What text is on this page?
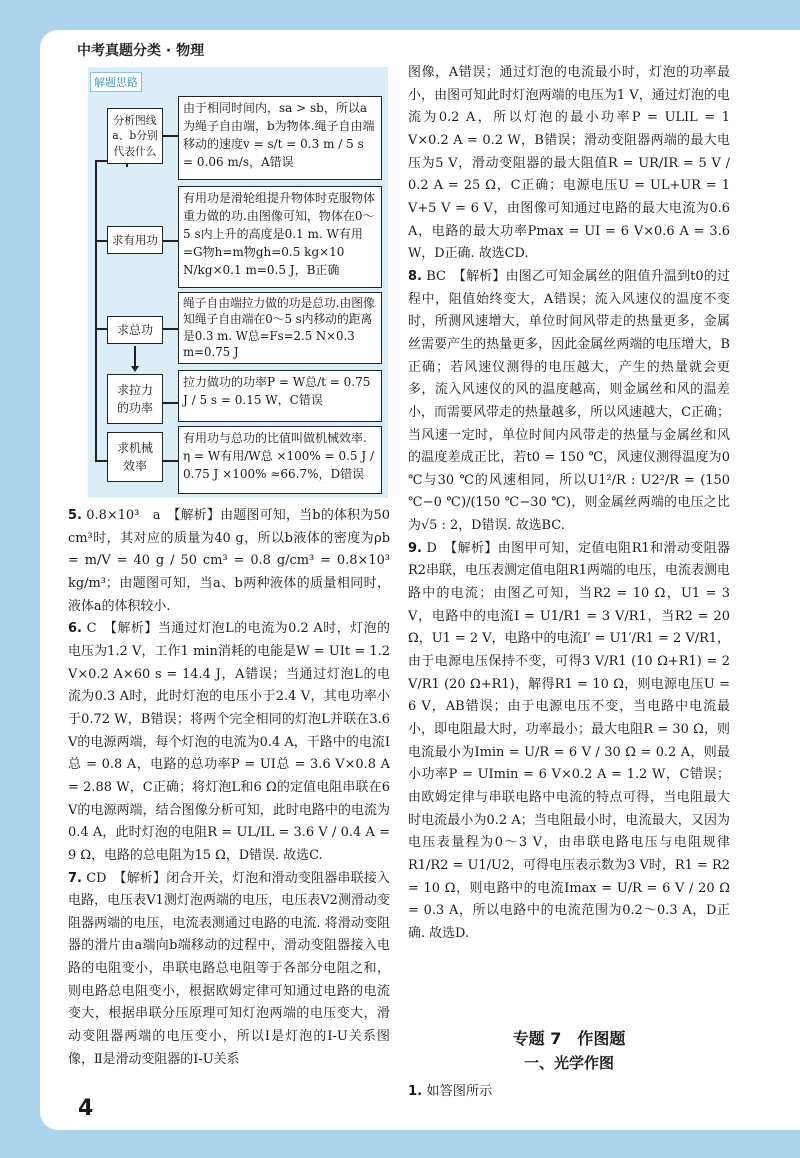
中考真题分类 · 物理
解题思路
分析图线a、b分别代表什么
由于相同时间内，sa > sb，所以a为绳子自由端，b为物体.绳子自由端移动的速度v = s/t = 0.3 m / 5 s = 0.06 m/s，A错误
求有用功
有用功是滑轮组提升物体时克服物体重力做的功.由图像可知，物体在0～5 s内上升的高度是0.1 m. W有用=G物h=m物gh=0.5 kg×10 N/kg×0.1 m=0.5 J，B正确
求总功
绳子自由端拉力做的功是总功.由图像知绳子自由端在0～5 s内移动的距离是0.3 m. W总=Fs=2.5 N×0.3 m=0.75 J
求拉力的功率
拉力做功的功率P = W总/t = 0.75 J / 5 s = 0.15 W，C错误
求机械效率
有用功与总功的比值叫做机械效率. η = W有用/W总 ×100% = 0.5 J / 0.75 J ×100% ≈66.7%，D错误

5. 0.8×10³　a　【解析】由题图可知，当b的体积为50 cm³时，其对应的质量为40 g，所以b液体的密度为ρb = m/V = 40 g / 50 cm³ = 0.8 g/cm³ = 0.8×10³ kg/m³；由题图可知，当a、b两种液体的质量相同时，液体a的体积较小.

6. C　【解析】当通过灯泡L的电流为0.2 A时，灯泡的电压为1.2 V，工作1 min消耗的电能是W = UIt = 1.2 V×0.2 A×60 s = 14.4 J，A错误；当通过灯泡L的电流为0.3 A时，此时灯泡的电压小于2.4 V，其电功率小于0.72 W，B错误；将两个完全相同的灯泡L并联在3.6 V的电源两端，每个灯泡的电流为0.4 A，干路中的电流I总 = 0.8 A，电路的总功率P = UI总 = 3.6 V×0.8 A = 2.88 W，C正确；将灯泡L和6 Ω的定值电阻串联在6 V的电源两端，结合图像分析可知，此时电路中的电流为0.4 A，此时灯泡的电阻R = UL/IL = 3.6 V / 0.4 A = 9 Ω，电路的总电阻为15 Ω，D错误. 故选C.

7. CD　【解析】闭合开关，灯泡和滑动变阻器串联接入电路，电压表V1测灯泡两端的电压，电压表V2测滑动变阻器两端的电压，电流表测通过电路的电流. 将滑动变阻器的滑片由a端向b端移动的过程中，滑动变阻器接入电路的电阻变小，串联电路总电阻等于各部分电阻之和，则电路总电阻变小，根据欧姆定律可知通过电路的电流变大，根据串联分压原理可知灯泡两端的电压变大，滑动变阻器两端的电压变小，所以Ⅰ是灯泡的I-U关系图像，Ⅱ是滑动变阻器的I-U关系

图像，A错误；通过灯泡的电流最小时，灯泡的功率最小，由图可知此时灯泡两端的电压为1 V，通过灯泡的电流为0.2 A，所以灯泡的最小功率P = ULIL = 1 V×0.2 A = 0.2 W，B错误；滑动变阻器两端的最大电压为5 V，滑动变阻器的最大阻值R = UR/IR = 5 V / 0.2 A = 25 Ω，C正确；电源电压U = UL+UR = 1 V+5 V = 6 V，由图像可知通过电路的最大电流为0.6 A，电路的最大功率Pmax = UI = 6 V×0.6 A = 3.6 W，D正确. 故选CD.

8. BC　【解析】由图乙可知金属丝的阻值升温到t0的过程中，阻值始终变大，A错误；流入风速仪的温度不变时，所测风速增大，单位时间风带走的热量更多，金属丝需要产生的热量更多，因此金属丝两端的电压增大，B正确；若风速仪测得的电压越大，产生的热量就会更多，流入风速仪的风的温度越高，则金属丝和风的温差小，而需要风带走的热量越多，所以风速越大，C正确；当风速一定时，单位时间内风带走的热量与金属丝和风的温度差成正比，若t0 = 150 ℃，风速仪测得温度为0 ℃与30 ℃的风速相同，所以U1²/R : U2²/R = (150 ℃−0 ℃)/(150 ℃−30 ℃)，则金属丝两端的电压之比为√5 : 2，D错误. 故选BC.

9. D　【解析】由图甲可知，定值电阻R1和滑动变阻器R2串联，电压表测定值电阻R1两端的电压，电流表测电路中的电流；由图乙可知，当R2 = 10 Ω，U1 = 3 V，电路中的电流I = U1/R1 = 3 V/R1，当R2 = 20 Ω，U1 = 2 V，电路中的电流I′ = U1′/R1 = 2 V/R1，由于电源电压保持不变，可得3 V/R1 (10 Ω+R1) = 2 V/R1 (20 Ω+R1)，解得R1 = 10 Ω，则电源电压U = 6 V，AB错误；由于电源电压不变，当电路中电流最小，即电阻最大时，功率最小；最大电阻R = 30 Ω，则电流最小为Imin = U/R = 6 V / 30 Ω = 0.2 A，则最小功率P = UImin = 6 V×0.2 A = 1.2 W，C错误；由欧姆定律与串联电路中电流的特点可得，当电阻最大时电流最小为0.2 A；当电阻最小时，电流最大，又因为电压表量程为0～3 V，由串联电路电压与电阻规律R1/R2 = U1/U2，可得电压表示数为3 V时，R1 = R2 = 10 Ω，则电路中的电流Imax = U/R = 6 V / 20 Ω = 0.3 A，所以电路中的电流范围为0.2～0.3 A，D正确. 故选D.

专题 7　作图题
一、光学作图
1. 如答图所示
4
